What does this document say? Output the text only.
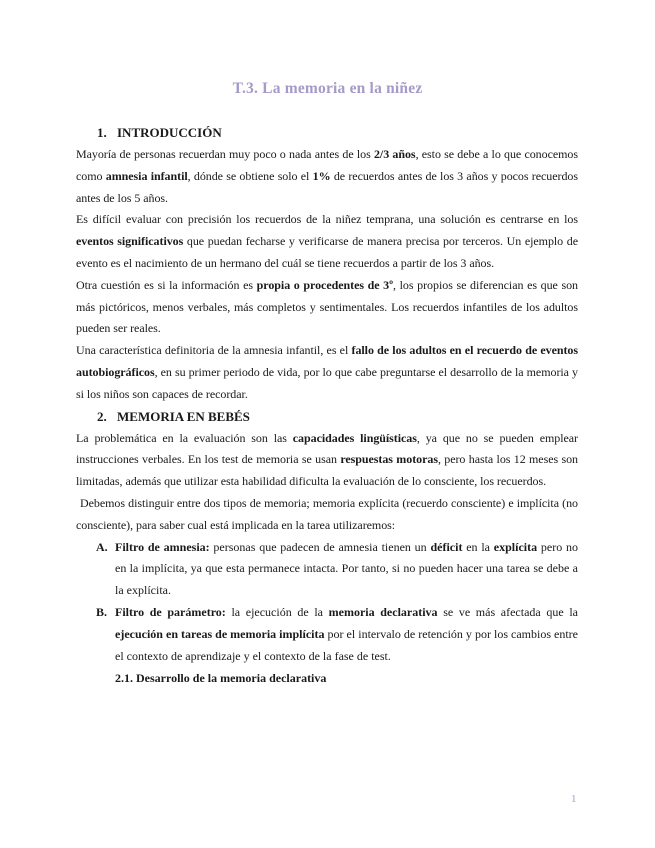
T.3. La memoria en la niñez
1. INTRODUCCIÓN

Mayoría de personas recuerdan muy poco o nada antes de los 2/3 años, esto se debe a lo que conocemos como amnesia infantil, dónde se obtiene solo el 1% de recuerdos antes de los 3 años y pocos recuerdos antes de los 5 años.

Es difícil evaluar con precisión los recuerdos de la niñez temprana, una solución es centrarse en los eventos significativos que puedan fecharse y verificarse de manera precisa por terceros. Un ejemplo de evento es el nacimiento de un hermano del cuál se tiene recuerdos a partir de los 3 años.

Otra cuestión es si la información es propia o procedentes de 3º, los propios se diferencian es que son más pictóricos, menos verbales, más completos y sentimentales. Los recuerdos infantiles de los adultos pueden ser reales.

Una característica definitoria de la amnesia infantil, es el fallo de los adultos en el recuerdo de eventos autobiográficos, en su primer periodo de vida, por lo que cabe preguntarse el desarrollo de la memoria y si los niños son capaces de recordar.

2. MEMORIA EN BEBÉS

La problemática en la evaluación son las capacidades lingüísticas, ya que no se pueden emplear instrucciones verbales. En los test de memoria se usan respuestas motoras, pero hasta los 12 meses son limitadas, además que utilizar esta habilidad dificulta la evaluación de lo consciente, los recuerdos.

Debemos distinguir entre dos tipos de memoria; memoria explícita (recuerdo consciente) e implícita (no consciente), para saber cual está implicada en la tarea utilizaremos:

A. Filtro de amnesia: personas que padecen de amnesia tienen un déficit en la explícita pero no en la implícita, ya que esta permanece intacta. Por tanto, si no pueden hacer una tarea se debe a la explícita.
B. Filtro de parámetro: la ejecución de la memoria declarativa se ve más afectada que la ejecución en tareas de memoria implícita por el intervalo de retención y por los cambios entre el contexto de aprendizaje y el contexto de la fase de test.
2.1. Desarrollo de la memoria declarativa
1
